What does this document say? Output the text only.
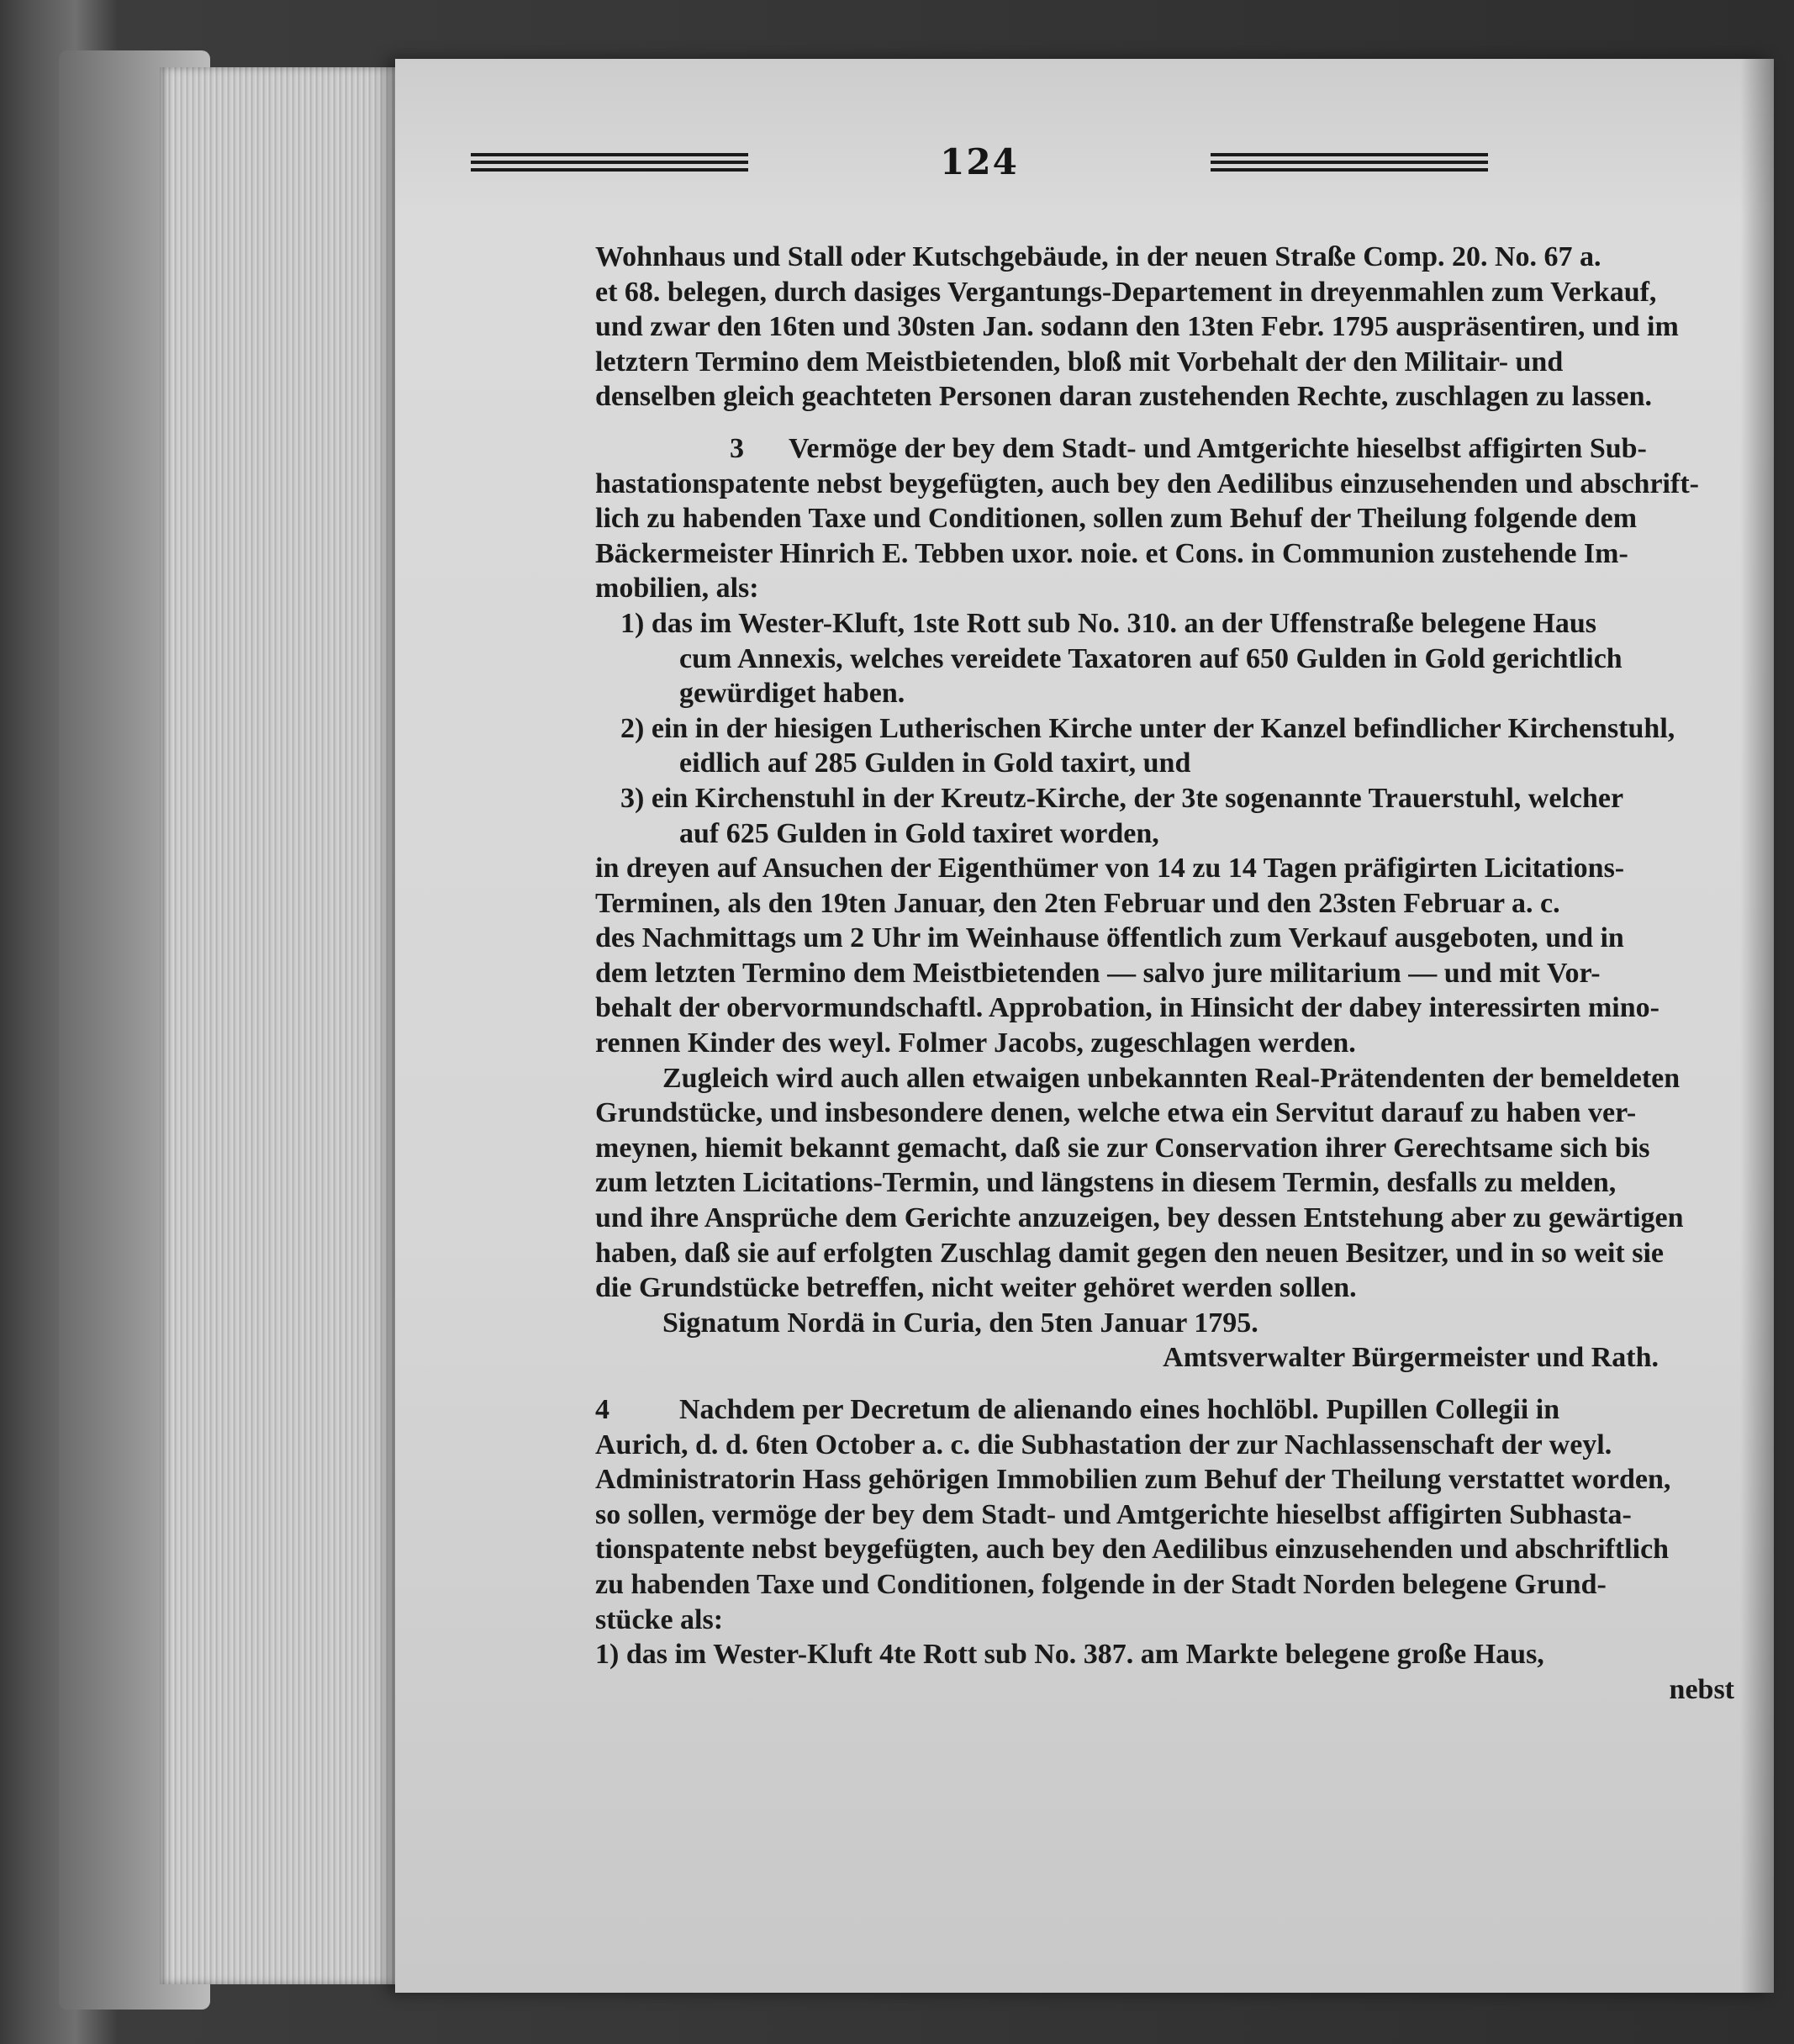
124

Wohnhaus und Stall oder Kutschgebäude, in der neuen Straße Comp. 20. No. 67 a.

et 68. belegen, durch dasiges Vergantungs-Departement in dreyenmahlen zum Verkauf,

und zwar den 16ten und 30sten Jan. sodann den 13ten Febr. 1795 auspräsentiren, und im

letztern Termino dem Meistbietenden, bloß mit Vorbehalt der den Militair- und

denselben gleich geachteten Personen daran zustehenden Rechte, zuschlagen zu lassen.

3 Vermöge der bey dem Stadt- und Amtgerichte hieselbst affigirten Sub-

hastationspatente nebst beygefügten, auch bey den Aedilibus einzusehenden und abschrift-

lich zu habenden Taxe und Conditionen, sollen zum Behuf der Theilung folgende dem

Bäckermeister Hinrich E. Tebben uxor. noie. et Cons. in Communion zustehende Im-

mobilien, als:

1) das im Wester-Kluft, 1ste Rott sub No. 310. an der Uffenstraße belegene Haus

cum Annexis, welches vereidete Taxatoren auf 650 Gulden in Gold gerichtlich

gewürdiget haben.

2) ein in der hiesigen Lutherischen Kirche unter der Kanzel befindlicher Kirchenstuhl,

eidlich auf 285 Gulden in Gold taxirt, und

3) ein Kirchenstuhl in der Kreutz-Kirche, der 3te sogenannte Trauerstuhl, welcher

auf 625 Gulden in Gold taxiret worden,

in dreyen auf Ansuchen der Eigenthümer von 14 zu 14 Tagen präfigirten Licitations-

Terminen, als den 19ten Januar, den 2ten Februar und den 23sten Februar a. c.

des Nachmittags um 2 Uhr im Weinhause öffentlich zum Verkauf ausgeboten, und in

dem letzten Termino dem Meistbietenden — salvo jure militarium — und mit Vor-

behalt der obervormundschaftl. Approbation, in Hinsicht der dabey interessirten mino-

rennen Kinder des weyl. Folmer Jacobs, zugeschlagen werden.

Zugleich wird auch allen etwaigen unbekannten Real-Prätendenten der bemeldeten

Grundstücke, und insbesondere denen, welche etwa ein Servitut darauf zu haben ver-

meynen, hiemit bekannt gemacht, daß sie zur Conservation ihrer Gerechtsame sich bis

zum letzten Licitations-Termin, und längstens in diesem Termin, desfalls zu melden,

und ihre Ansprüche dem Gerichte anzuzeigen, bey dessen Entstehung aber zu gewärtigen

haben, daß sie auf erfolgten Zuschlag damit gegen den neuen Besitzer, und in so weit sie

die Grundstücke betreffen, nicht weiter gehöret werden sollen.

Signatum Nordä in Curia, den 5ten Januar 1795.

Amtsverwalter Bürgermeister und Rath.

4 Nachdem per Decretum de alienando eines hochlöbl. Pupillen Collegii in

Aurich, d. d. 6ten October a. c. die Subhastation der zur Nachlassenschaft der weyl.

Administratorin Hass gehörigen Immobilien zum Behuf der Theilung verstattet worden,

so sollen, vermöge der bey dem Stadt- und Amtgerichte hieselbst affigirten Subhasta-

tionspatente nebst beygefügten, auch bey den Aedilibus einzusehenden und abschriftlich

zu habenden Taxe und Conditionen, folgende in der Stadt Norden belegene Grund-

stücke als:

1) das im Wester-Kluft 4te Rott sub No. 387. am Markte belegene große Haus,

nebst
